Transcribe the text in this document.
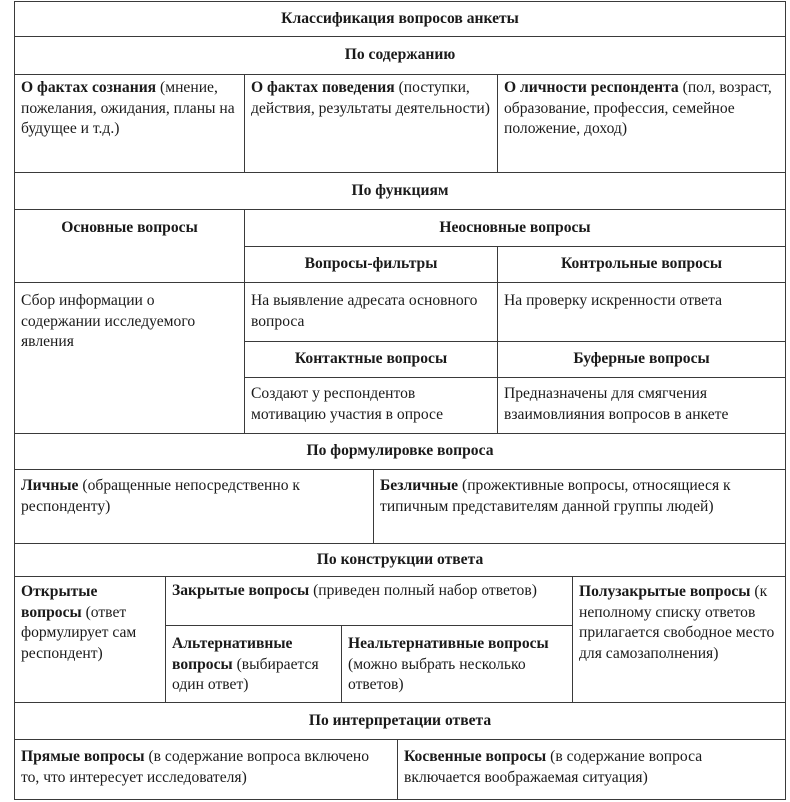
Классификация вопросов анкеты
По содержанию
О фактах сознания (мнение, пожелания, ожидания, планы на будущее и т.д.)
О фактах поведения (поступки, действия, результаты деятельности)
О личности респондента (пол, возраст, образование, профессия, семейное положение, доход)
По функциям
Основные вопросы
Сбор информации о содержании исследуемого явления
Неосновные вопросы
Вопросы-фильтры	Контрольные вопросы
На выявление адресата основного вопроса
На проверку искренности ответа
Контактные вопросы	Буферные вопросы
Создают у респондентов мотивацию участия в опросе
Предназначены для смягчения взаимовлияния вопросов в анкете
По формулировке вопроса
Личные (обращенные непосредственно к респонденту)
Безличные (прожективные вопросы, относящиеся к типичным представителям данной группы людей)
По конструкции ответа
Открытые вопросы (ответ формулирует сам респондент)
Закрытые вопросы (приведен полный набор ответов)
Альтернативные вопросы (выбирается один ответ)
Неальтернативные вопросы (можно выбрать несколько ответов)
Полузакрытые вопросы (к неполному списку ответов прилагается свободное место для самозаполнения)
По интерпретации ответа
Прямые вопросы (в содержание вопроса включено то, что интересует исследователя)
Косвенные вопросы (в содержание вопроса включается воображаемая ситуация)
